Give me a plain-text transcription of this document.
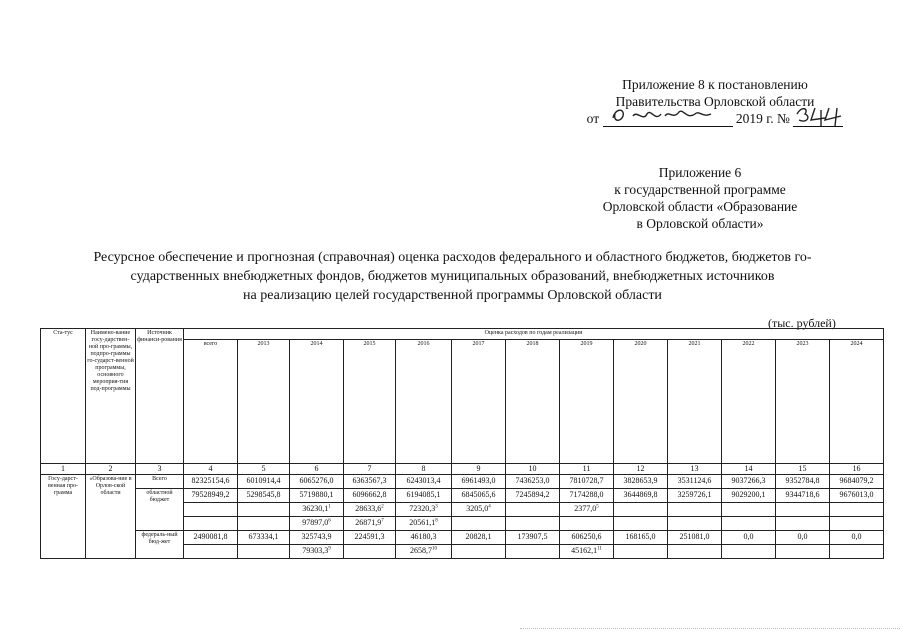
Приложение 8 к постановлению
Правительства Орловской области
от	2019 г. №
Приложение 6
к государственной программе
Орловской области «Образование
в Орловской области»
Ресурсное обеспечение и прогнозная (справочная) оценка расходов федерального и областного бюджетов, бюджетов го-
сударственных внебюджетных фондов, бюджетов муниципальных образований, внебюджетных источников
на реализацию целей государственной программы Орловской области
(тыс. рублей)
Ста-тус	Наимено-вание госу-дарствен-ной про-граммы, подпро-граммы го-сударст-венной программы, основного мероприя-тия под-программы	Источник финанси-рования	Оценка расходов по годам реализации												
			всего	2013	2014	2015	2016	2017	2018	2019	2020	2021	2022	2023	2024
1	2	3	4	5	6	7	8	9	10	11	12	13	14	15	16
Госу-дарст-венная про-грамма	«Образова-ние в Орлов-ской области	Всего	82325154,6	6010914,4	6065276,0	6363567,3	6243013,4	6961493,0	7436253,0	7810728,7	3828653,9	3531124,6	9037266,3	9352784,8	9684079,2
		областной бюджет	79528949,2	5298545,8	5719880,1	6096662,8	6194085,1	6845065,6	7245894,2	7174288,0	3644869,8	3259726,1	9029200,1	9344718,6	9676013,0
					36230,1$^1$	28633,6$^2$	72320,3$^3$	3205,0$^4$		2377,0$^5$					
					97897,0$^6$	26871,9$^7$	20561,1$^8$								
		федераль-ный бюд-жет	2490081,8	673334,1	325743,9	224591,3	46180,3	20828,1	173907,5	606250,6	168165,0	251081,0	0,0	0,0	0,0
					79303,3$^9$		2658,7$^{10}$			45162,1$^{11}$					
